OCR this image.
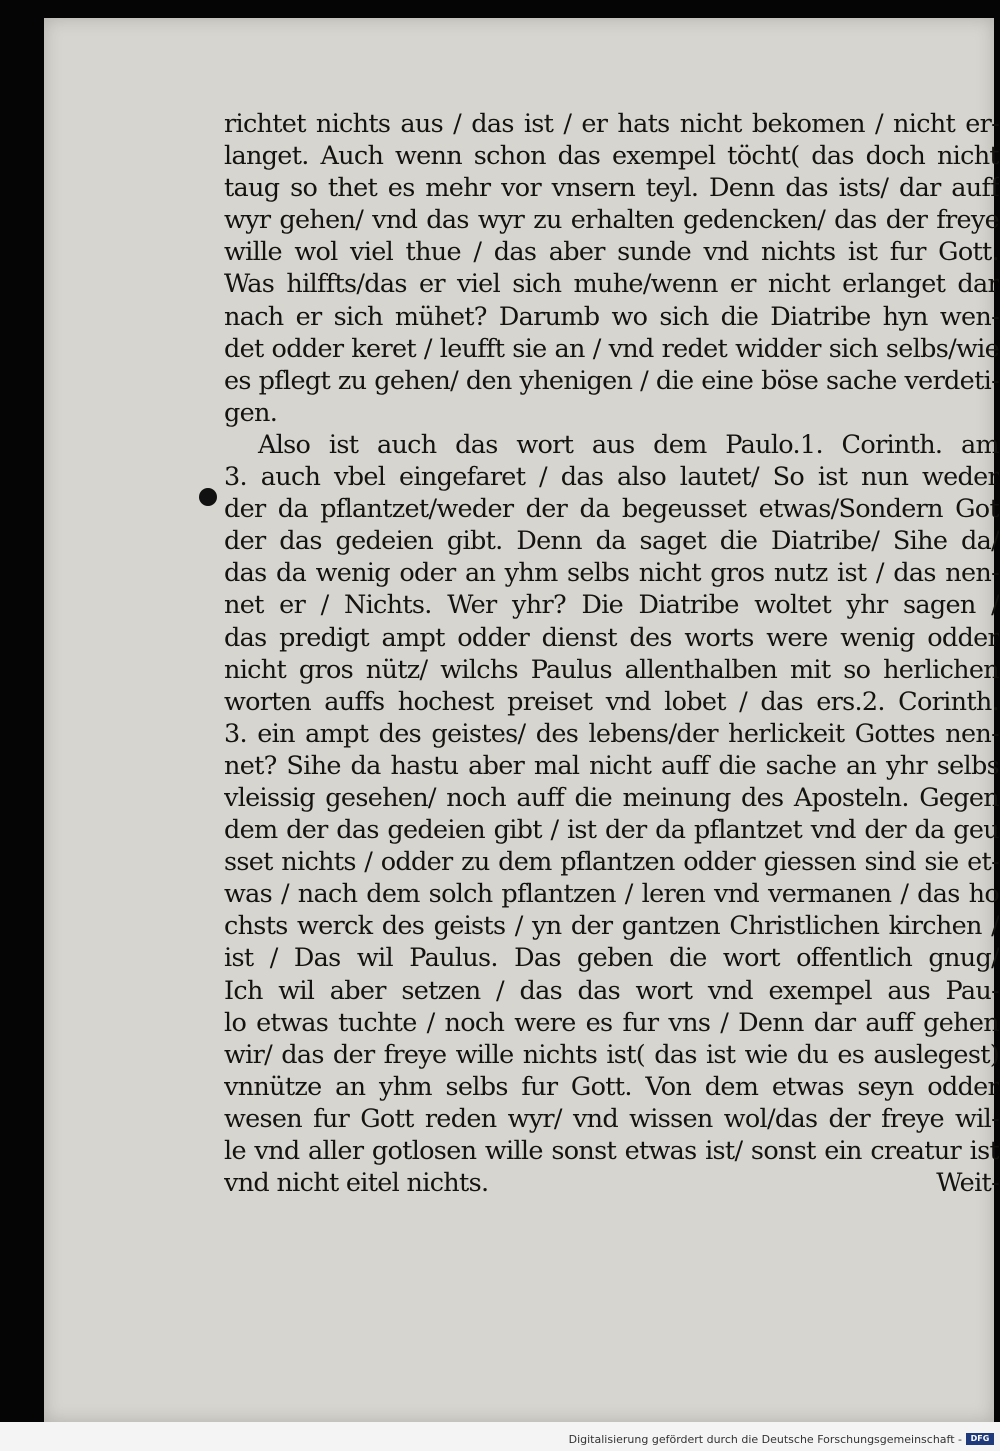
richtet nichts aus / das ist / er hats nicht bekomen / nicht er-
langet. Auch wenn schon das exempel töcht( das doch nicht
taug so thet es mehr vor vnsern teyl. Denn das ists/ dar auff
wyr gehen/ vnd das wyr zu erhalten gedencken/ das der freye
wille wol viel thue / das aber sunde vnd nichts ist fur Gott.
Was hilffts/das er viel sich muhe/wenn er nicht erlanget dar
nach er sich mühet? Darumb wo sich die Diatribe hyn wen-
det odder keret / leufft sie an / vnd redet widder sich selbs/wie
es pflegt zu gehen/ den yhenigen / die eine böse sache verdeti-
gen.
Also ist auch das wort aus dem Paulo.1. Corinth. am
3. auch vbel eingefaret / das also lautet/ So ist nun weder
der da pflantzet/weder der da begeusset etwas/Sondern Got
der das gedeien gibt. Denn da saget die Diatribe/ Sihe da/
das da wenig oder an yhm selbs nicht gros nutz ist / das nen-
net er / Nichts. Wer yhr? Die Diatribe woltet yhr sagen /
das predigt ampt odder dienst des worts were wenig odder
nicht gros nütz/ wilchs Paulus allenthalben mit so herlichen
worten auffs hochest preiset vnd lobet / das ers.2. Corinth.
3. ein ampt des geistes/ des lebens/der herlickeit Gottes nen-
net? Sihe da hastu aber mal nicht auff die sache an yhr selbs
vleissig gesehen/ noch auff die meinung des Aposteln. Gegen
dem der das gedeien gibt / ist der da pflantzet vnd der da geu
sset nichts / odder zu dem pflantzen odder giessen sind sie et-
was / nach dem solch pflantzen / leren vnd vermanen / das ho
chsts werck des geists / yn der gantzen Christlichen kirchen /
ist / Das wil Paulus. Das geben die wort offentlich gnug/
Ich wil aber setzen / das das wort vnd exempel aus Pau-
lo etwas tuchte / noch were es fur vns / Denn dar auff gehen
wir/ das der freye wille nichts ist( das ist wie du es auslegest)
vnnütze an yhm selbs fur Gott. Von dem etwas seyn odder
wesen fur Gott reden wyr/ vnd wissen wol/das der freye wil-
le vnd aller gotlosen wille sonst etwas ist/ sonst ein creatur ist
vnd nicht eitel nichts.	Weit-
Digitalisierung gefördert durch die Deutsche Forschungsgemeinschaft -	DFG
